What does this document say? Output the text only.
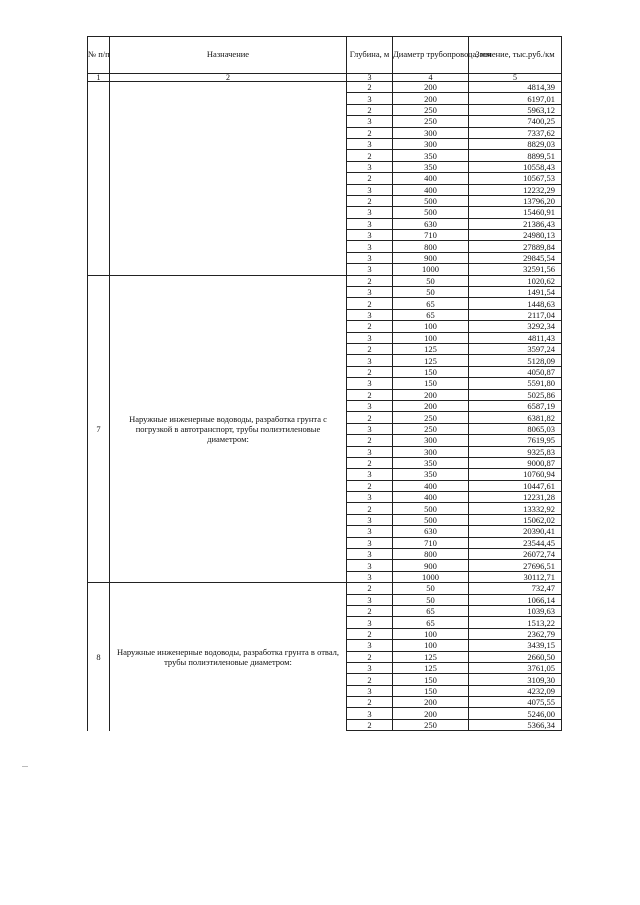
№ п/п	Назначение	Глубина, м	Диаметр трубопровода, мм	Значение, тыс.руб./км
1	2	3	4	5
		2	200	4814,39
		3	200	6197,01
		2	250	5963,12
		3	250	7400,25
		2	300	7337,62
		3	300	8829,03
		2	350	8899,51
		3	350	10558,43
		2	400	10567,53
		3	400	12232,29
		2	500	13796,20
		3	500	15460,91
		3	630	21386,43
		3	710	24980,13
		3	800	27889,84
		3	900	29845,54
		3	1000	32591,56
7	Наружные инженерные водоводы, разработка грунта с погрузкой в автотранспорт, трубы полиэтиленовые диаметром:	2	50	1020,62
		3	50	1491,54
		2	65	1448,63
		3	65	2117,04
		2	100	3292,34
		3	100	4811,43
		2	125	3597,24
		3	125	5128,09
		2	150	4050,87
		3	150	5591,80
		2	200	5025,86
		3	200	6587,19
		2	250	6381,82
		3	250	8065,03
		2	300	7619,95
		3	300	9325,83
		2	350	9000,87
		3	350	10760,94
		2	400	10447,61
		3	400	12231,28
		2	500	13332,92
		3	500	15062,02
		3	630	20390,41
		3	710	23544,45
		3	800	26072,74
		3	900	27696,51
		3	1000	30112,71
8	Наружные инженерные водоводы, разработка грунта в отвал, трубы полиэтиленовые диаметром:	2	50	732,47
		3	50	1066,14
		2	65	1039,63
		3	65	1513,22
		2	100	2362,79
		3	100	3439,15
		2	125	2660,50
		3	125	3761,05
		2	150	3109,30
		3	150	4232,09
		2	200	4075,55
		3	200	5246,00
		2	250	5366,34
